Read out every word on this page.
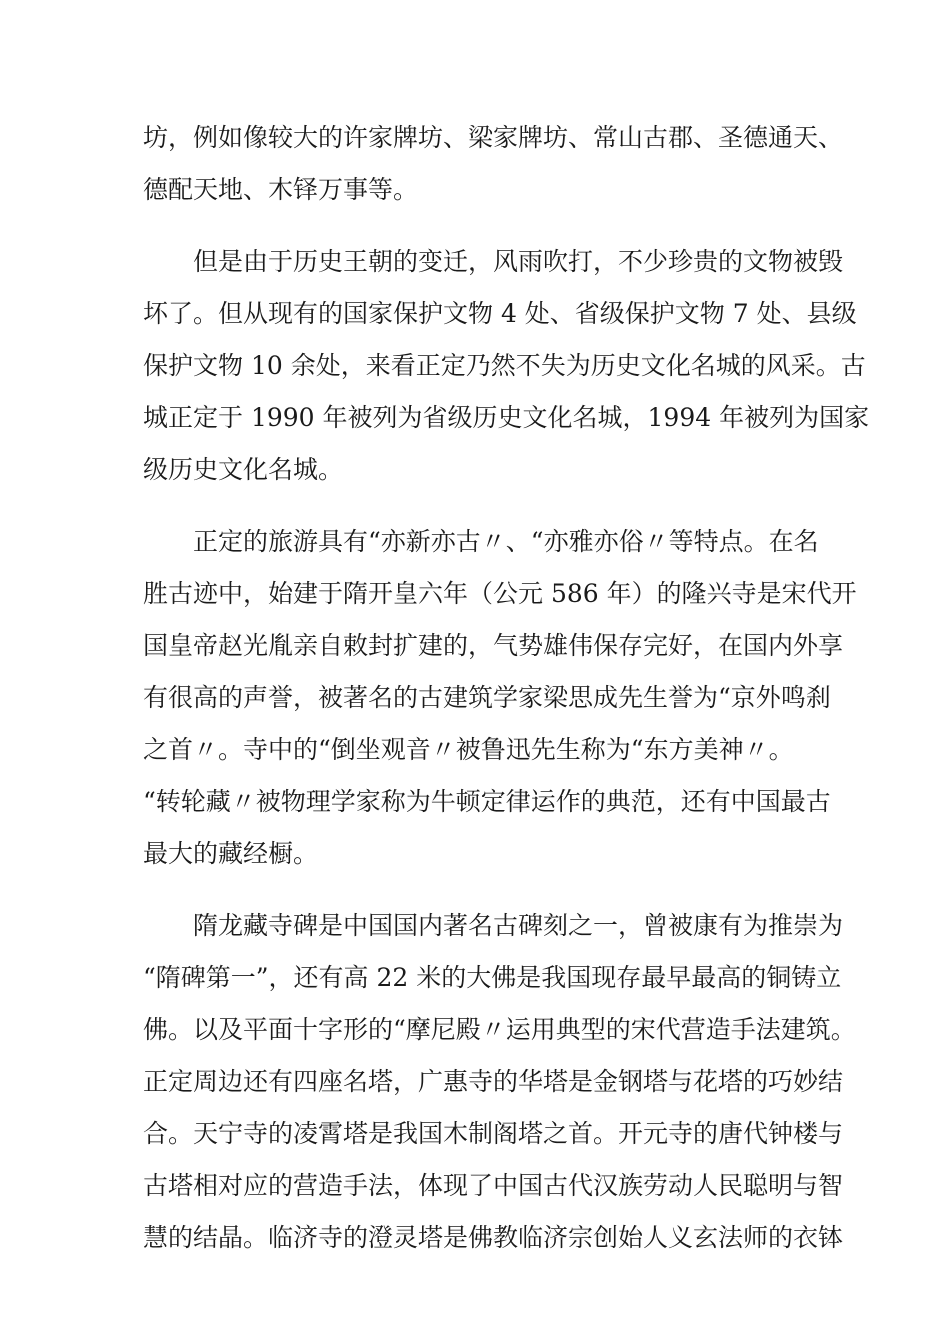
坊，例如像较大的许家牌坊、梁家牌坊、常山古郡、圣德通天、
德配天地、木铎万事等。

但是由于历史王朝的变迁，风雨吹打，不少珍贵的文物被毁
坏了。但从现有的国家保护文物 4 处、省级保护文物 7 处、县级
保护文物 10 余处，来看正定乃然不失为历史文化名城的风采。古
城正定于 1990 年被列为省级历史文化名城，1994 年被列为国家
级历史文化名城。

正定的旅游具有“亦新亦古〃、“亦雅亦俗〃等特点。在名
胜古迹中，始建于隋开皇六年（公元 586 年）的隆兴寺是宋代开
国皇帝赵光胤亲自敕封扩建的，气势雄伟保存完好，在国内外享
有很高的声誉，被著名的古建筑学家梁思成先生誉为“京外鸣刹
之首〃。寺中的“倒坐观音〃被鲁迅先生称为“东方美神〃。
“转轮藏〃被物理学家称为牛顿定律运作的典范，还有中国最古
最大的藏经橱。

隋龙藏寺碑是中国国内著名古碑刻之一，曾被康有为推崇为
“隋碑第一”，还有高 22 米的大佛是我国现存最早最高的铜铸立
佛。以及平面十字形的“摩尼殿〃运用典型的宋代营造手法建筑。
正定周边还有四座名塔，广惠寺的华塔是金钢塔与花塔的巧妙结
合。天宁寺的凌霄塔是我国木制阁塔之首。开元寺的唐代钟楼与
古塔相对应的营造手法，体现了中国古代汉族劳动人民聪明与智
慧的结晶。临济寺的澄灵塔是佛教临济宗创始人义玄法师的衣钵
